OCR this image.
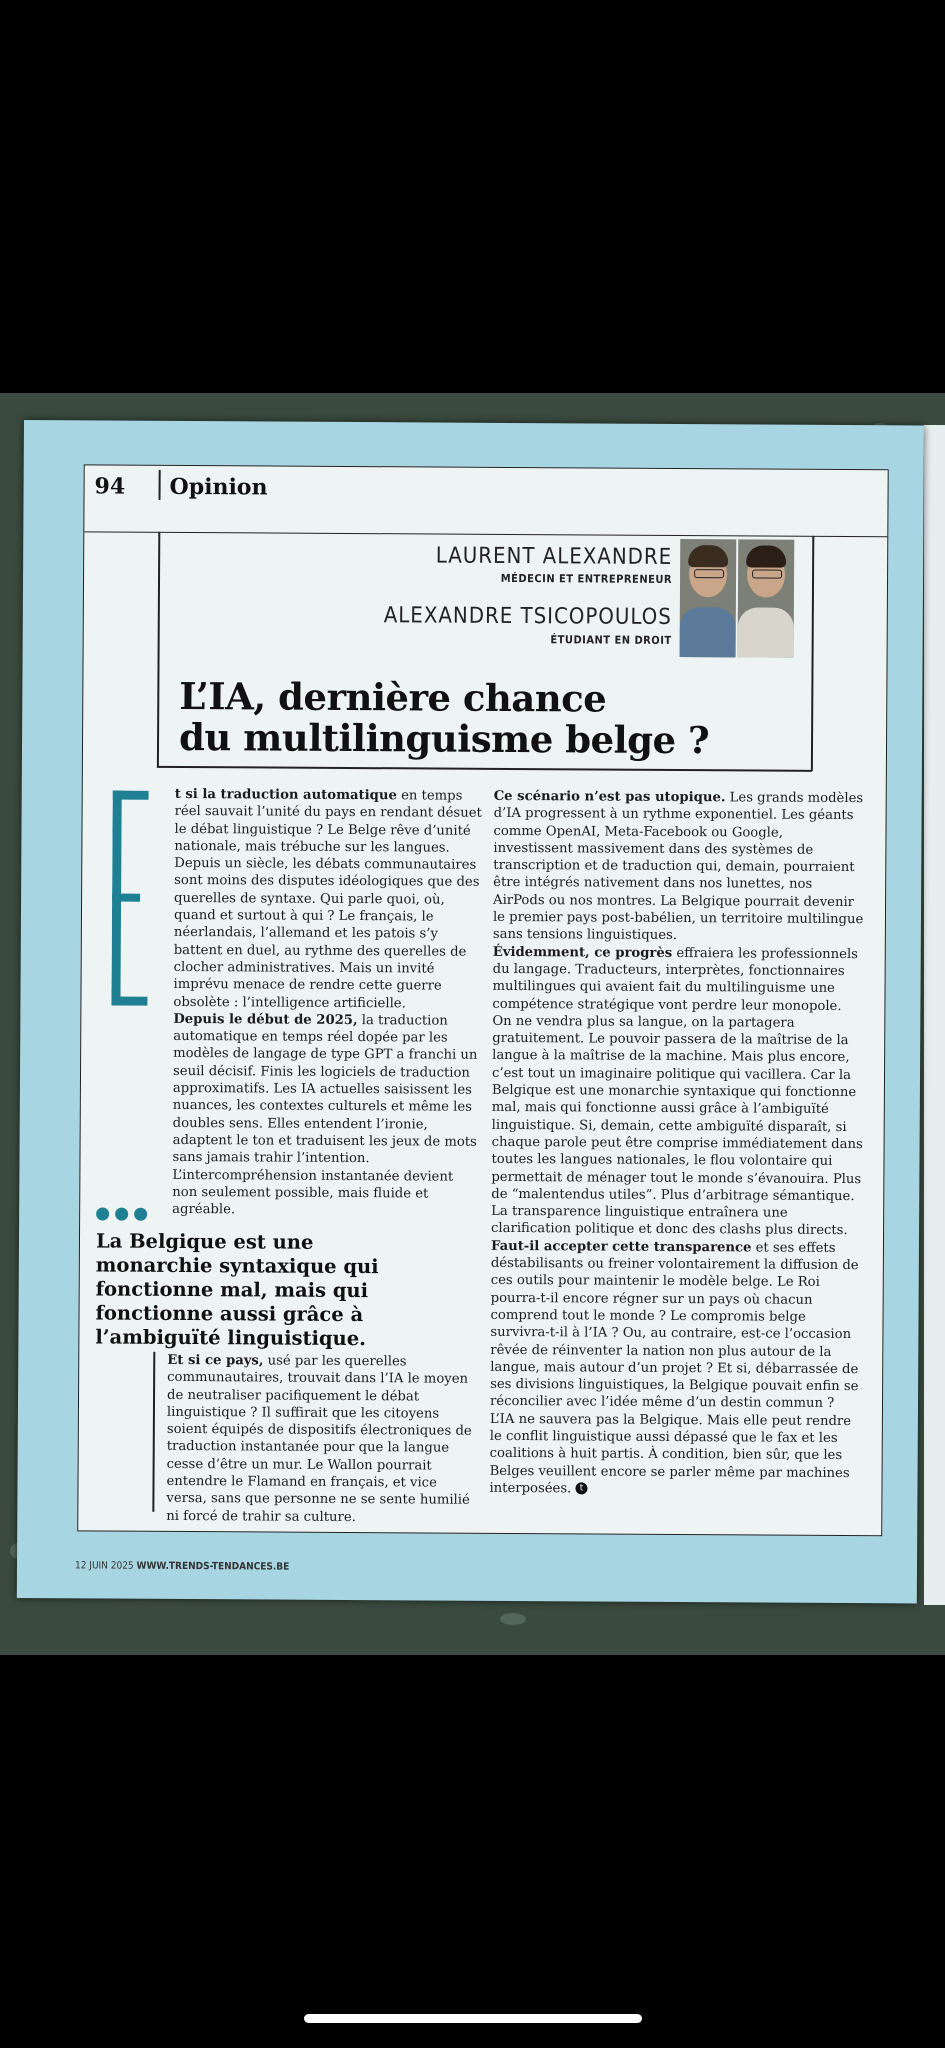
94 Opinion
LAURENT ALEXANDRE
MÉDECIN ET ENTREPRENEUR
ALEXANDRE TSICOPOULOS
ÉTUDIANT EN DROIT
L’IA, dernière chance
du multilinguisme belge ?

t si la traduction automatique en temps réel sauvait l’unité du pays en rendant désuet le débat linguistique ? Le Belge rêve d’unité nationale, mais trébuche sur les langues. Depuis un siècle, les débats communautaires sont moins des disputes idéologiques que des querelles de syntaxe. Qui parle quoi, où, quand et surtout à qui ? Le français, le néerlandais, l’allemand et les patois s’y battent en duel, au rythme des querelles de clocher administratives. Mais un invité imprévu menace de rendre cette guerre obsolète : l’intelligence artificielle.

Depuis le début de 2025, la traduction automatique en temps réel dopée par les modèles de langage de type GPT a franchi un seuil décisif. Finis les logiciels de traduction approximatifs. Les IA actuelles saisissent les nuances, les contextes culturels et même les doubles sens. Elles entendent l’ironie, adaptent le ton et traduisent les jeux de mots sans jamais trahir l’intention. L’intercompréhension instantanée devient non seulement possible, mais fluide et agréable.

La Belgique est une monarchie syntaxique qui fonctionne mal, mais qui fonctionne aussi grâce à l’ambiguïté linguistique.

Et si ce pays, usé par les querelles communautaires, trouvait dans l’IA le moyen de neutraliser pacifiquement le débat linguistique ? Il suffirait que les citoyens soient équipés de dispositifs électroniques de traduction instantanée pour que la langue cesse d’être un mur. Le Wallon pourrait entendre le Flamand en français, et vice versa, sans que personne ne se sente humilié ni forcé de trahir sa culture.

Ce scénario n’est pas utopique. Les grands modèles d’IA progressent à un rythme exponentiel. Les géants comme OpenAI, Meta-Facebook ou Google, investissent massivement dans des systèmes de transcription et de traduction qui, demain, pourraient être intégrés nativement dans nos lunettes, nos AirPods ou nos montres. La Belgique pourrait devenir le premier pays post-babélien, un territoire multilingue sans tensions linguistiques.

Évidemment, ce progrès effraiera les professionnels du langage. Traducteurs, interprètes, fonctionnaires multilingues qui avaient fait du multilinguisme une compétence stratégique vont perdre leur monopole. On ne vendra plus sa langue, on la partagera gratuitement. Le pouvoir passera de la maîtrise de la langue à la maîtrise de la machine. Mais plus encore, c’est tout un imaginaire politique qui vacillera. Car la Belgique est une monarchie syntaxique qui fonctionne mal, mais qui fonctionne aussi grâce à l’ambiguïté linguistique. Si, demain, cette ambiguïté disparaît, si chaque parole peut être comprise immédiatement dans toutes les langues nationales, le flou volontaire qui permettait de ménager tout le monde s’évanouira. Plus de “malentendus utiles”. Plus d’arbitrage sémantique. La transparence linguistique entraînera une clarification politique et donc des clashs plus directs.

Faut-il accepter cette transparence et ses effets déstabilisants ou freiner volontairement la diffusion de ces outils pour maintenir le modèle belge. Le Roi pourra-t-il encore régner sur un pays où chacun comprend tout le monde ? Le compromis belge survivra-t-il à l’IA ? Ou, au contraire, est-ce l’occasion rêvée de réinventer la nation non plus autour de la langue, mais autour d’un projet ? Et si, débarrassée de ses divisions linguistiques, la Belgique pouvait enfin se réconcilier avec l’idée même d’un destin commun ? L’IA ne sauvera pas la Belgique. Mais elle peut rendre le conflit linguistique aussi dépassé que le fax et les coalitions à huit partis. À condition, bien sûr, que les Belges veuillent encore se parler même par machines interposées. t

12 JUIN 2025 WWW.TRENDS-TENDANCES.BE
